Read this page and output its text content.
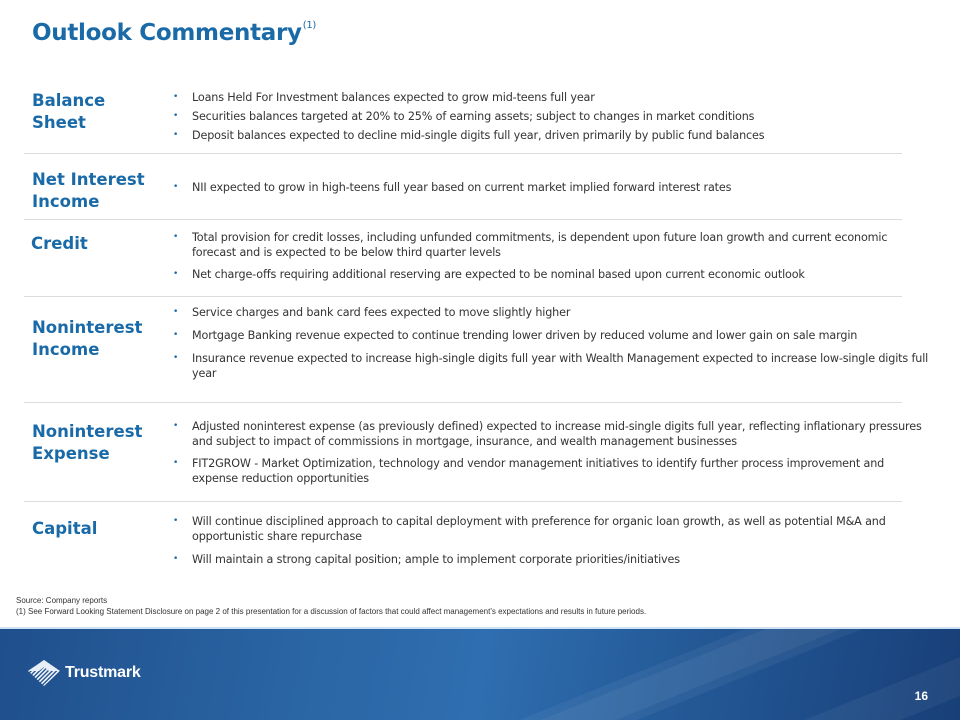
Outlook Commentary$^{(1)}$
Balance Sheet
• Loans Held For Investment balances expected to grow mid-teens full year
• Securities balances targeted at 20% to 25% of earning assets; subject to changes in market conditions
• Deposit balances expected to decline mid-single digits full year, driven primarily by public fund balances
Net Interest Income
• NII expected to grow in high-teens full year based on current market implied forward interest rates
Credit	• Total provision for credit losses, including unfunded commitments, is dependent upon future loan growth and current economic forecast and is expected to be below third quarter levels
• Net charge-offs requiring additional reserving are expected to be nominal based upon current economic outlook
Noninterest Income
• Service charges and bank card fees expected to move slightly higher
• Mortgage Banking revenue expected to continue trending lower driven by reduced volume and lower gain on sale margin
• Insurance revenue expected to increase high-single digits full year with Wealth Management expected to increase low-single digits full year
Noninterest Expense
• Adjusted noninterest expense (as previously defined) expected to increase mid-single digits full year, reflecting inflationary pressures and subject to impact of commissions in mortgage, insurance, and wealth management businesses
• FIT2GROW - Market Optimization, technology and vendor management initiatives to identify further process improvement and expense reduction opportunities
Capital	• Will continue disciplined approach to capital deployment with preference for organic loan growth, as well as potential M&A and opportunistic share repurchase
• Will maintain a strong capital position; ample to implement corporate priorities/initiatives
Source: Company reports
(1) See Forward Looking Statement Disclosure on page 2 of this presentation for a discussion of factors that could affect management's expectations and results in future periods.
Trustmark
16
